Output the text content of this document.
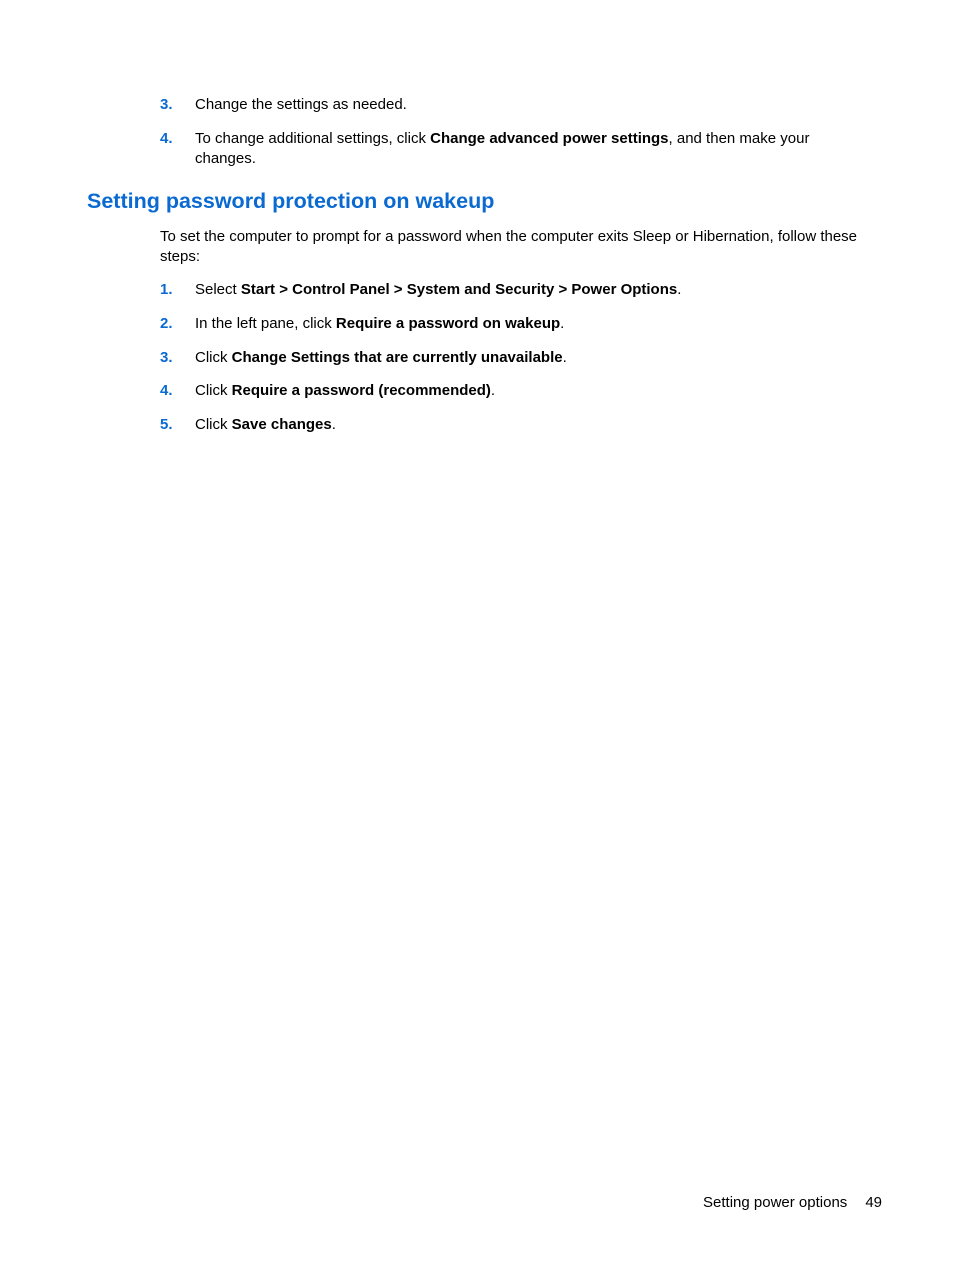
3.	Change the settings as needed.
4.	To change additional settings, click Change advanced power settings, and then make your changes.
Setting password protection on wakeup

To set the computer to prompt for a password when the computer exits Sleep or Hibernation, follow these steps:

1.	Select Start > Control Panel > System and Security > Power Options.
2.	In the left pane, click Require a password on wakeup.
3.	Click Change Settings that are currently unavailable.
4.	Click Require a password (recommended).
5.	Click Save changes.
Setting power options 49
